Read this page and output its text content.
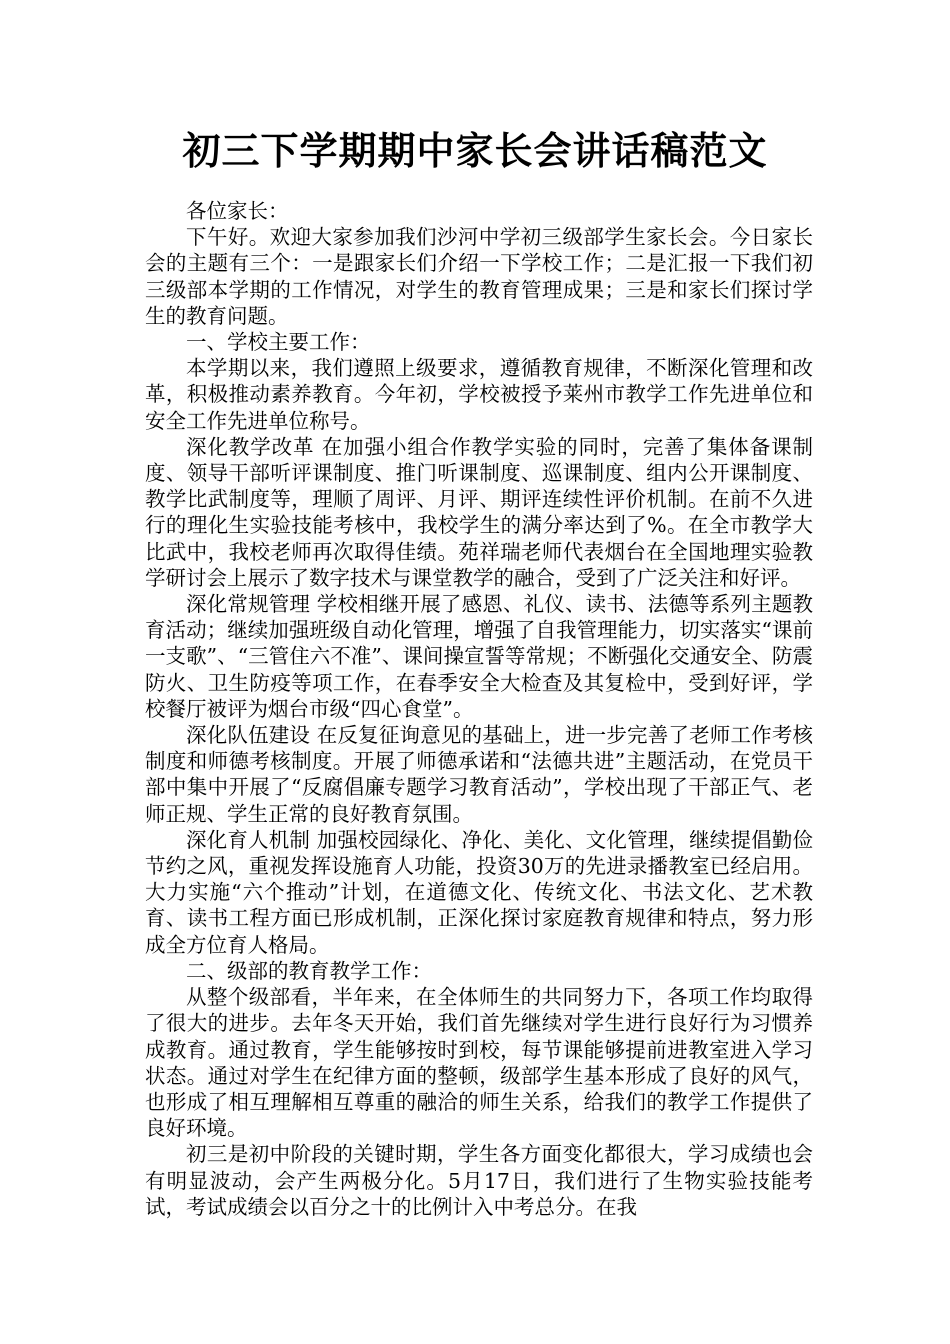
初三下学期期中家长会讲话稿范文

各位家长：

下午好。欢迎大家参加我们沙河中学初三级部学生家长会。今日家长会的主题有三个：一是跟家长们介绍一下学校工作；二是汇报一下我们初三级部本学期的工作情况，对学生的教育管理成果；三是和家长们探讨学生的教育问题。

一、学校主要工作：

本学期以来，我们遵照上级要求，遵循教育规律，不断深化管理和改革，积极推动素养教育。今年初，学校被授予莱州市教学工作先进单位和安全工作先进单位称号。

深化教学改革 在加强小组合作教学实验的同时，完善了集体备课制度、领导干部听评课制度、推门听课制度、巡课制度、组内公开课制度、教学比武制度等，理顺了周评、月评、期评连续性评价机制。在前不久进行的理化生实验技能考核中，我校学生的满分率达到了%。在全市教学大比武中，我校老师再次取得佳绩。苑祥瑞老师代表烟台在全国地理实验教学研讨会上展示了数字技术与课堂教学的融合，受到了广泛关注和好评。

深化常规管理 学校相继开展了感恩、礼仪、读书、法德等系列主题教育活动；继续加强班级自动化管理，增强了自我管理能力，切实落实“课前一支歌”、“三管住六不准”、课间操宣誓等常规；不断强化交通安全、防震防火、卫生防疫等项工作，在春季安全大检查及其复检中，受到好评，学校餐厅被评为烟台市级“四心食堂”。

深化队伍建设 在反复征询意见的基础上，进一步完善了老师工作考核制度和师德考核制度。开展了师德承诺和“法德共进”主题活动，在党员干部中集中开展了“反腐倡廉专题学习教育活动”，学校出现了干部正气、老师正规、学生正常的良好教育氛围。

深化育人机制 加强校园绿化、净化、美化、文化管理，继续提倡勤俭节约之风，重视发挥设施育人功能，投资30万的先进录播教室已经启用。大力实施“六个推动”计划，在道德文化、传统文化、书法文化、艺术教育、读书工程方面已形成机制，正深化探讨家庭教育规律和特点，努力形成全方位育人格局。

二、级部的教育教学工作：

从整个级部看，半年来，在全体师生的共同努力下，各项工作均取得了很大的进步。去年冬天开始，我们首先继续对学生进行良好行为习惯养成教育。通过教育，学生能够按时到校，每节课能够提前进教室进入学习状态。通过对学生在纪律方面的整顿，级部学生基本形成了良好的风气，也形成了相互理解相互尊重的融洽的师生关系，给我们的教学工作提供了良好环境。

初三是初中阶段的关键时期，学生各方面变化都很大，学习成绩也会有明显波动，会产生两极分化。5月17日，我们进行了生物实验技能考试，考试成绩会以百分之十的比例计入中考总分。在我
